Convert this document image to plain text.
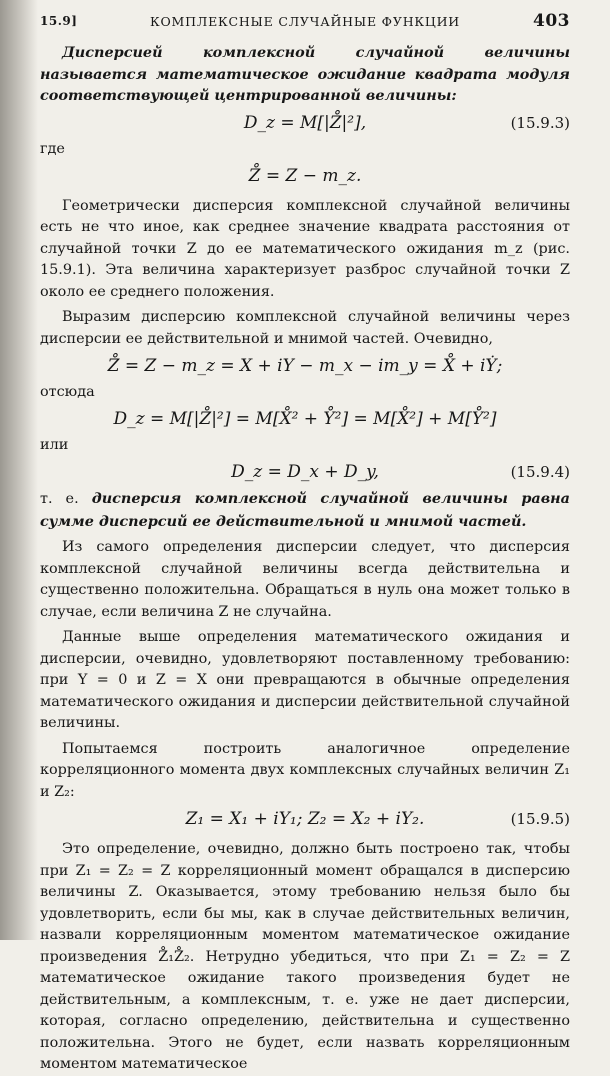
15.9]	КОМПЛЕКСНЫЕ СЛУЧАЙНЫЕ ФУНКЦИИ	403

Дисперсией комплексной случайной величины называется математическое ожидание квадрата модуля соответствующей центрированной величины:

D_z = M[|Z̊|²],	(15.9.3)

где

Z̊ = Z − m_z.

Геометрически дисперсия комплексной случайной величины есть не что иное, как среднее значение квадрата расстояния от случайной точки Z до ее математического ожидания m_z (рис. 15.9.1). Эта величина характеризует разброс случайной точки Z около ее среднего положения.

Выразим дисперсию комплексной случайной величины через дисперсии ее действительной и мнимой частей. Очевидно,

Z̊ = Z − m_z = X + iY − m_x − im_y = X̊ + iẎ;

отсюда

D_z = M[|Z̊|²] = M[X̊² + Y̊²] = M[X̊²] + M[Y̊²]

или

D_z = D_x + D_y,	(15.9.4)

т. е. дисперсия комплексной случайной величины равна сумме дисперсий ее действительной и мнимой частей.

Из самого определения дисперсии следует, что дисперсия комплексной случайной величины всегда действительна и существенно положительна. Обращаться в нуль она может только в случае, если величина Z не случайна.

Данные выше определения математического ожидания и дисперсии, очевидно, удовлетворяют поставленному требованию: при Y = 0 и Z = X они превращаются в обычные определения математического ожидания и дисперсии действительной случайной величины.

Попытаемся построить аналогичное определение корреляционного момента двух комплексных случайных величин Z₁ и Z₂:

Z₁ = X₁ + iY₁; Z₂ = X₂ + iY₂.	(15.9.5)

Это определение, очевидно, должно быть построено так, чтобы при Z₁ = Z₂ = Z корреляционный момент обращался в дисперсию величины Z. Оказывается, этому требованию нельзя было бы удовлетворить, если бы мы, как в случае действительных величин, назвали корреляционным моментом математическое ожидание произведения Z̊₁Z̊₂. Нетрудно убедиться, что при Z₁ = Z₂ = Z математическое ожидание такого произведения будет не действительным, а комплексным, т. е. уже не дает дисперсии, которая, согласно определению, действительна и существенно положительна. Этого не будет, если назвать корреляционным моментом математическое
